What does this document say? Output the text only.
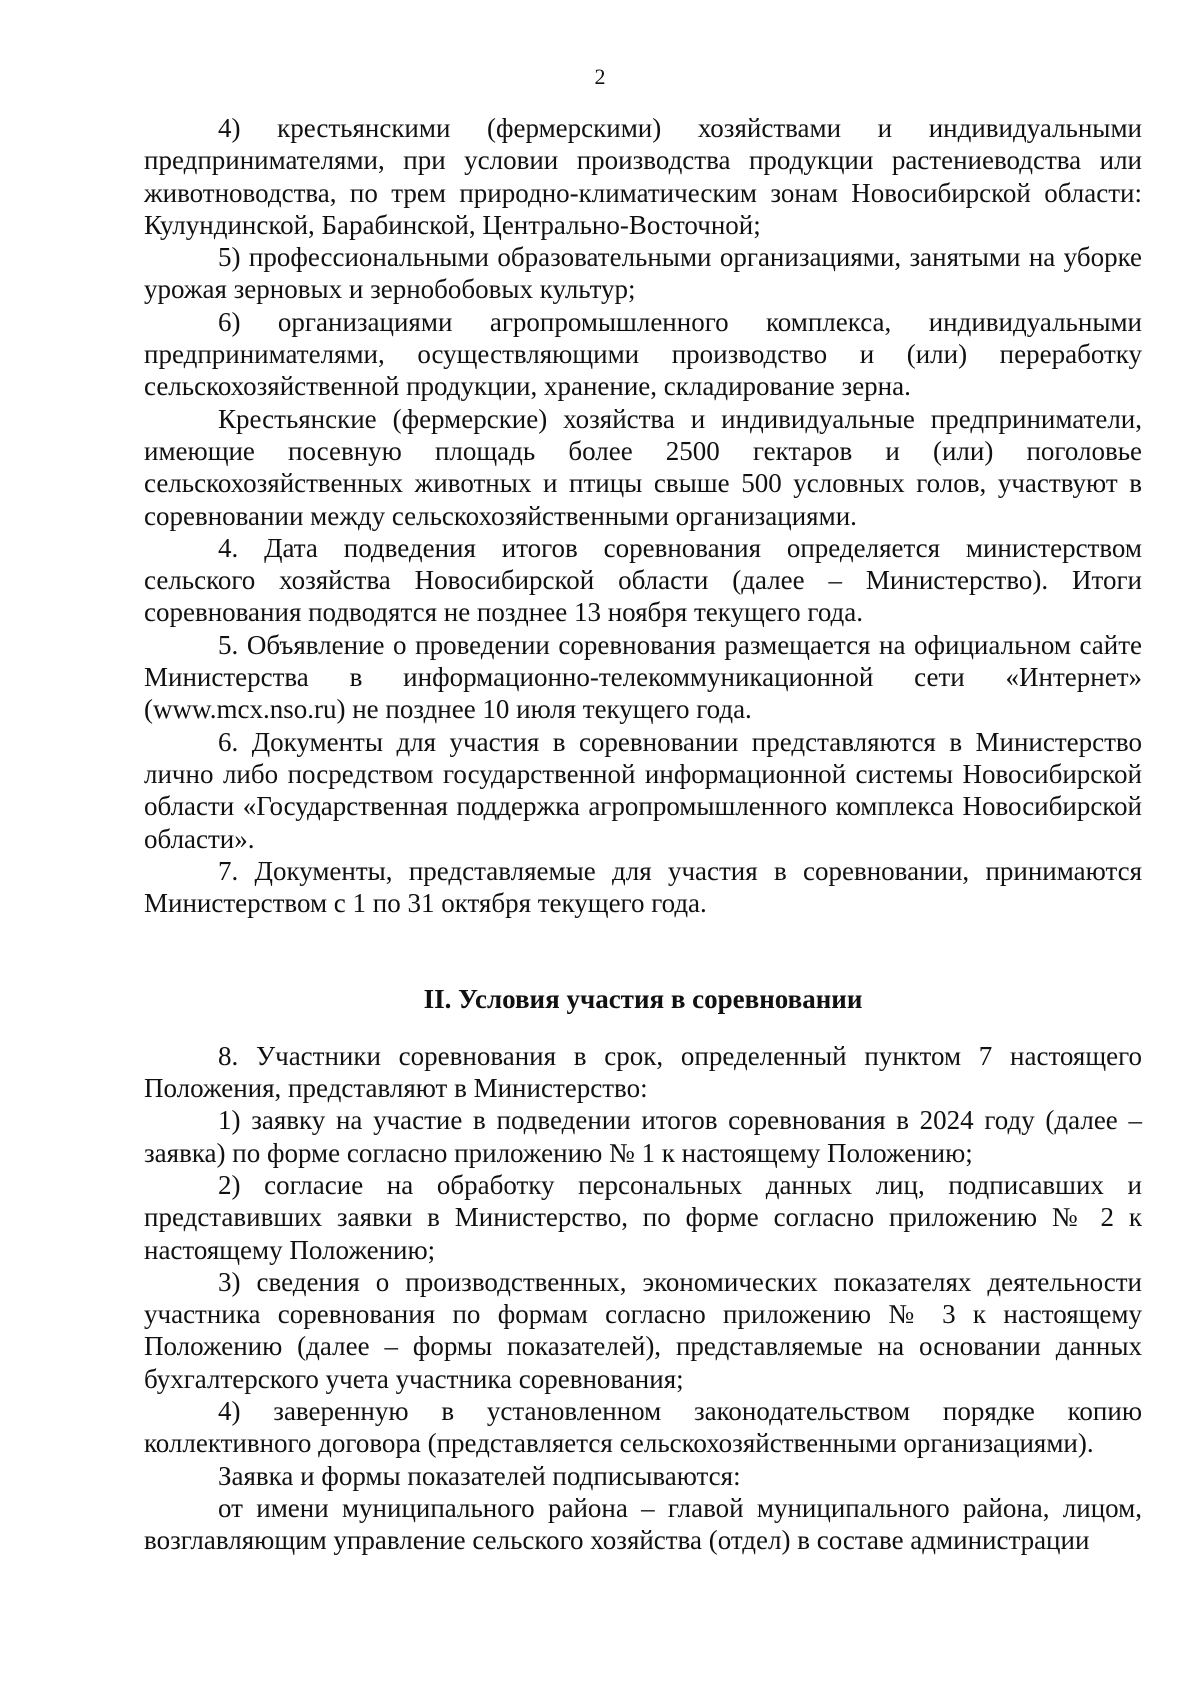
2

4) крестьянскими (фермерскими) хозяйствами и индивидуальными предпринимателями, при условии производства продукции растениеводства или животноводства, по трем природно-климатическим зонам Новосибирской области: Кулундинской, Барабинской, Центрально-Восточной;

5) профессиональными образовательными организациями, занятыми на уборке урожая зерновых и зернобобовых культур;

6) организациями агропромышленного комплекса, индивидуальными предпринимателями, осуществляющими производство и (или) переработку сельскохозяйственной продукции, хранение, складирование зерна.

Крестьянские (фермерские) хозяйства и индивидуальные предприниматели, имеющие посевную площадь более 2500 гектаров и (или) поголовье сельскохозяйственных животных и птицы свыше 500 условных голов, участвуют в соревновании между сельскохозяйственными организациями.

4. Дата подведения итогов соревнования определяется министерством сельского хозяйства Новосибирской области (далее – Министерство). Итоги соревнования подводятся не позднее 13 ноября текущего года.

5. Объявление о проведении соревнования размещается на официальном сайте Министерства в информационно-телекоммуникационной сети «Интернет» (www.mcx.nso.ru) не позднее 10 июля текущего года.

6. Документы для участия в соревновании представляются в Министерство лично либо посредством государственной информационной системы Новосибирской области «Государственная поддержка агропромышленного комплекса Новосибирской области».

7. Документы, представляемые для участия в соревновании, принимаются Министерством с 1 по 31 октября текущего года.

II. Условия участия в соревновании

8. Участники соревнования в срок, определенный пунктом 7 настоящего Положения, представляют в Министерство:

1) заявку на участие в подведении итогов соревнования в 2024 году (далее – заявка) по форме согласно приложению № 1 к настоящему Положению;

2) согласие на обработку персональных данных лиц, подписавших и представивших заявки в Министерство, по форме согласно приложению № 2 к настоящему Положению;

3) сведения о производственных, экономических показателях деятельности участника соревнования по формам согласно приложению № 3 к настоящему Положению (далее – формы показателей), представляемые на основании данных бухгалтерского учета участника соревнования;

4) заверенную в установленном законодательством порядке копию коллективного договора (представляется сельскохозяйственными организациями).

Заявка и формы показателей подписываются:

от имени муниципального района – главой муниципального района, лицом, возглавляющим управление сельского хозяйства (отдел) в составе администрации
